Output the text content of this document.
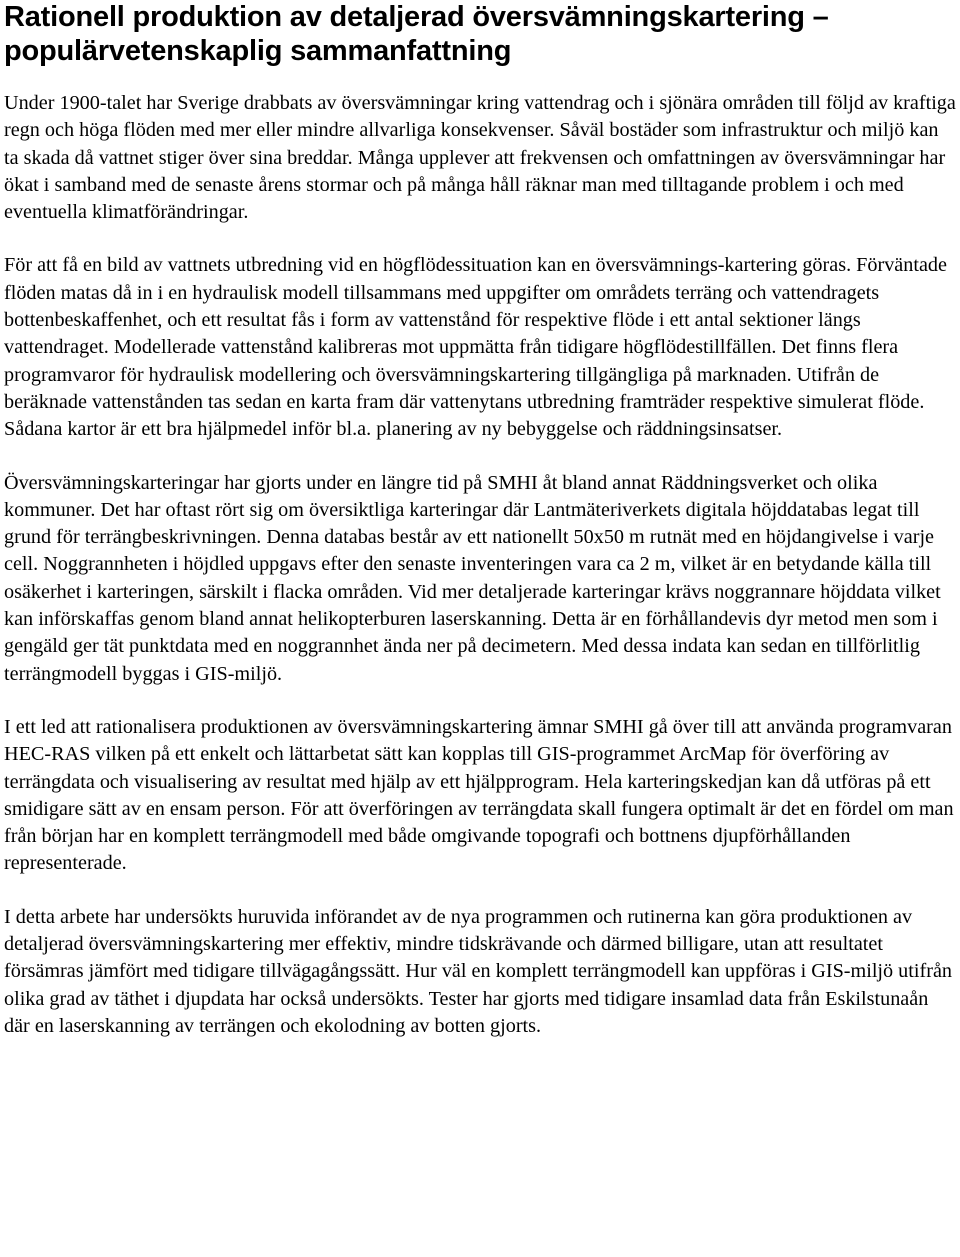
Rationell produktion av detaljerad översvämningskartering – populärvetenskaplig sammanfattning

Under 1900-talet har Sverige drabbats av översvämningar kring vattendrag och i sjönära områden till följd av kraftiga regn och höga flöden med mer eller mindre allvarliga konsekvenser. Såväl bostäder som infrastruktur och miljö kan ta skada då vattnet stiger över sina breddar. Många upplever att frekvensen och omfattningen av översvämningar har ökat i samband med de senaste årens stormar och på många håll räknar man med tilltagande problem i och med eventuella klimatförändringar.

För att få en bild av vattnets utbredning vid en högflödessituation kan en översvämnings-kartering göras. Förväntade flöden matas då in i en hydraulisk modell tillsammans med uppgifter om områdets terräng och vattendragets bottenbeskaffenhet, och ett resultat fås i form av vattenstånd för respektive flöde i ett antal sektioner längs vattendraget. Modellerade vattenstånd kalibreras mot uppmätta från tidigare högflödestillfällen. Det finns flera programvaror för hydraulisk modellering och översvämningskartering tillgängliga på marknaden. Utifrån de beräknade vattenstånden tas sedan en karta fram där vattenytans utbredning framträder respektive simulerat flöde. Sådana kartor är ett bra hjälpmedel inför bl.a. planering av ny bebyggelse och räddningsinsatser.

Översvämningskarteringar har gjorts under en längre tid på SMHI åt bland annat Räddningsverket och olika kommuner. Det har oftast rört sig om översiktliga karteringar där Lantmäteriverkets digitala höjddatabas legat till grund för terrängbeskrivningen. Denna databas består av ett nationellt 50x50 m rutnät med en höjdangivelse i varje cell. Noggrannheten i höjdled uppgavs efter den senaste inventeringen vara ca 2 m, vilket är en betydande källa till osäkerhet i karteringen, särskilt i flacka områden. Vid mer detaljerade karteringar krävs noggrannare höjddata vilket kan införskaffas genom bland annat helikopterburen laserskanning. Detta är en förhållandevis dyr metod men som i gengäld ger tät punktdata med en noggrannhet ända ner på decimetern. Med dessa indata kan sedan en tillförlitlig terrängmodell byggas i GIS-miljö.

I ett led att rationalisera produktionen av översvämningskartering ämnar SMHI gå över till att använda programvaran HEC-RAS vilken på ett enkelt och lättarbetat sätt kan kopplas till GIS-programmet ArcMap för överföring av terrängdata och visualisering av resultat med hjälp av ett hjälpprogram. Hela karteringskedjan kan då utföras på ett smidigare sätt av en ensam person. För att överföringen av terrängdata skall fungera optimalt är det en fördel om man från början har en komplett terrängmodell med både omgivande topografi och bottnens djupförhållanden representerade.

I detta arbete har undersökts huruvida införandet av de nya programmen och rutinerna kan göra produktionen av detaljerad översvämningskartering mer effektiv, mindre tidskrävande och därmed billigare, utan att resultatet försämras jämfört med tidigare tillvägagångssätt. Hur väl en komplett terrängmodell kan uppföras i GIS-miljö utifrån olika grad av täthet i djupdata har också undersökts. Tester har gjorts med tidigare insamlad data från Eskilstunaån där en laserskanning av terrängen och ekolodning av botten gjorts.
